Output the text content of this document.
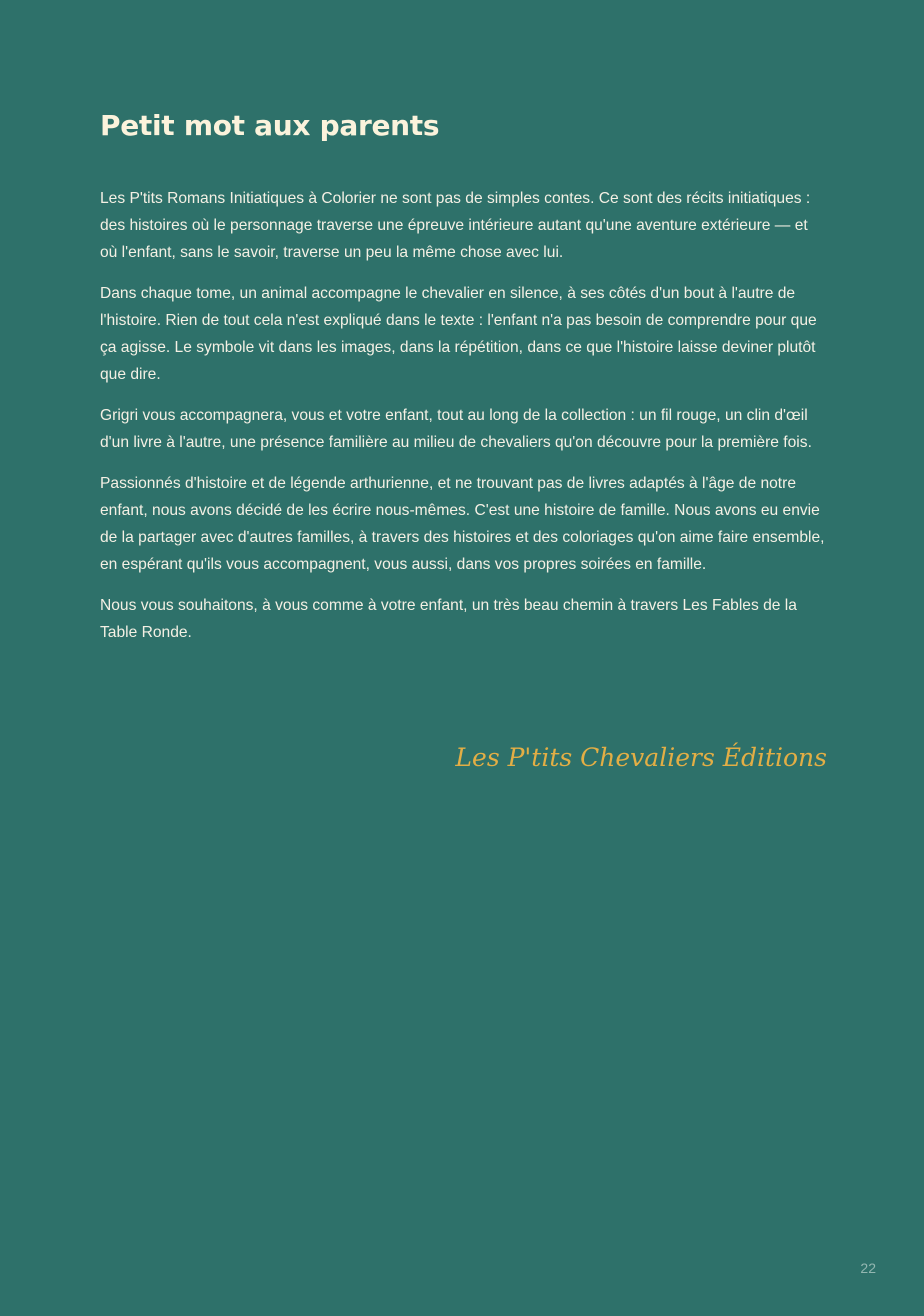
Petit mot aux parents

Les P'tits Romans Initiatiques à Colorier ne sont pas de simples contes. Ce sont des récits initiatiques : des histoires où le personnage traverse une épreuve intérieure autant qu'une aventure extérieure — et où l'enfant, sans le savoir, traverse un peu la même chose avec lui.

Dans chaque tome, un animal accompagne le chevalier en silence, à ses côtés d'un bout à l'autre de l'histoire. Rien de tout cela n'est expliqué dans le texte : l'enfant n'a pas besoin de comprendre pour que ça agisse. Le symbole vit dans les images, dans la répétition, dans ce que l'histoire laisse deviner plutôt que dire.

Grigri vous accompagnera, vous et votre enfant, tout au long de la collection : un fil rouge, un clin d'œil d'un livre à l'autre, une présence familière au milieu de chevaliers qu'on découvre pour la première fois.

Passionnés d'histoire et de légende arthurienne, et ne trouvant pas de livres adaptés à l'âge de notre enfant, nous avons décidé de les écrire nous-mêmes. C'est une histoire de famille. Nous avons eu envie de la partager avec d'autres familles, à travers des histoires et des coloriages qu'on aime faire ensemble, en espérant qu'ils vous accompagnent, vous aussi, dans vos propres soirées en famille.

Nous vous souhaitons, à vous comme à votre enfant, un très beau chemin à travers Les Fables de la Table Ronde.

Les P'tits Chevaliers Éditions

22
